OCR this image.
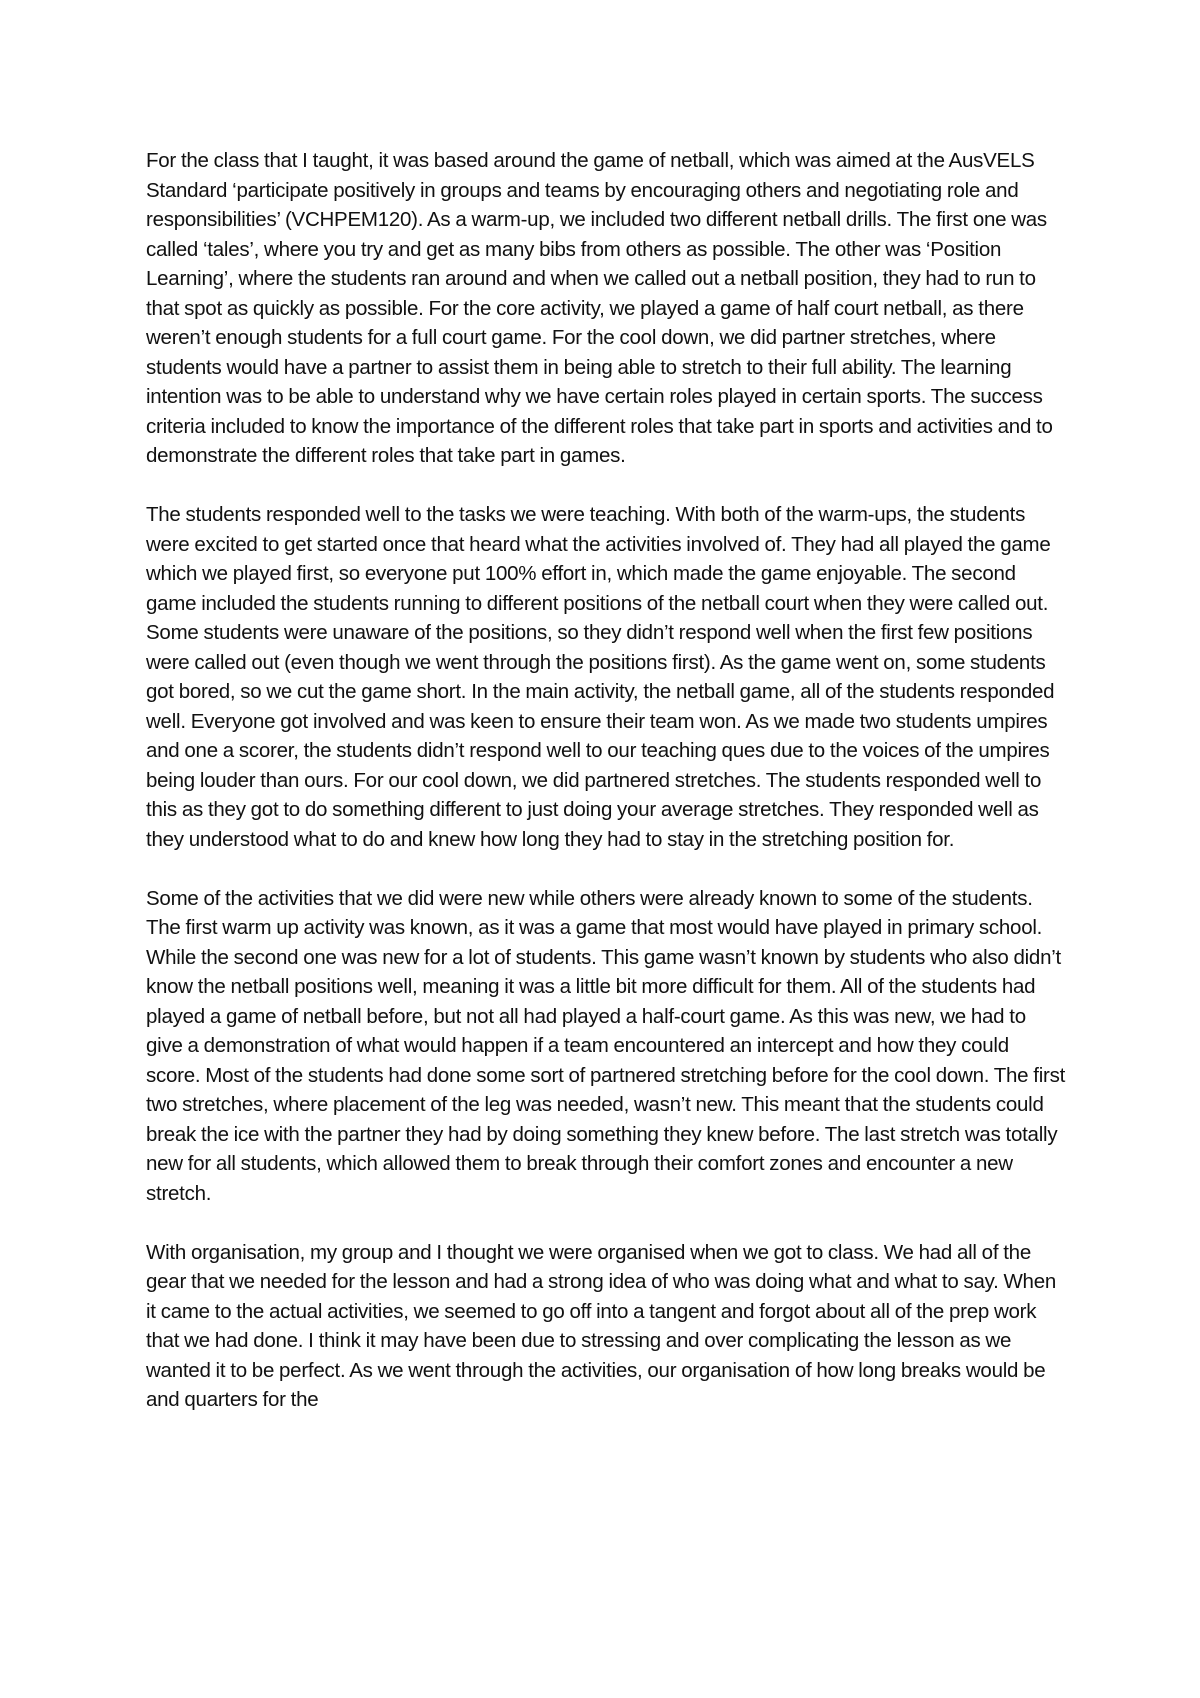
For the class that I taught, it was based around the game of netball, which was aimed at the AusVELS Standard ‘participate positively in groups and teams by encouraging others and negotiating role and responsibilities’ (VCHPEM120). As a warm-up, we included two different netball drills. The first one was called ‘tales’, where you try and get as many bibs from others as possible. The other was ‘Position Learning’, where the students ran around and when we called out a netball position, they had to run to that spot as quickly as possible. For the core activity, we played a game of half court netball, as there weren’t enough students for a full court game. For the cool down, we did partner stretches, where students would have a partner to assist them in being able to stretch to their full ability. The learning intention was to be able to understand why we have certain roles played in certain sports. The success criteria included to know the importance of the different roles that take part in sports and activities and to demonstrate the different roles that take part in games.

The students responded well to the tasks we were teaching. With both of the warm-ups, the students were excited to get started once that heard what the activities involved of. They had all played the game which we played first, so everyone put 100% effort in, which made the game enjoyable. The second game included the students running to different positions of the netball court when they were called out. Some students were unaware of the positions, so they didn’t respond well when the first few positions were called out (even though we went through the positions first). As the game went on, some students got bored, so we cut the game short. In the main activity, the netball game, all of the students responded well. Everyone got involved and was keen to ensure their team won. As we made two students umpires and one a scorer, the students didn’t respond well to our teaching ques due to the voices of the umpires being louder than ours. For our cool down, we did partnered stretches. The students responded well to this as they got to do something different to just doing your average stretches. They responded well as they understood what to do and knew how long they had to stay in the stretching position for.

Some of the activities that we did were new while others were already known to some of the students. The first warm up activity was known, as it was a game that most would have played in primary school. While the second one was new for a lot of students. This game wasn’t known by students who also didn’t know the netball positions well, meaning it was a little bit more difficult for them. All of the students had played a game of netball before, but not all had played a half-court game. As this was new, we had to give a demonstration of what would happen if a team encountered an intercept and how they could score. Most of the students had done some sort of partnered stretching before for the cool down. The first two stretches, where placement of the leg was needed, wasn’t new. This meant that the students could break the ice with the partner they had by doing something they knew before. The last stretch was totally new for all students, which allowed them to break through their comfort zones and encounter a new stretch.

With organisation, my group and I thought we were organised when we got to class. We had all of the gear that we needed for the lesson and had a strong idea of who was doing what and what to say. When it came to the actual activities, we seemed to go off into a tangent and forgot about all of the prep work that we had done. I think it may have been due to stressing and over complicating the lesson as we wanted it to be perfect. As we went through the activities, our organisation of how long breaks would be and quarters for the
